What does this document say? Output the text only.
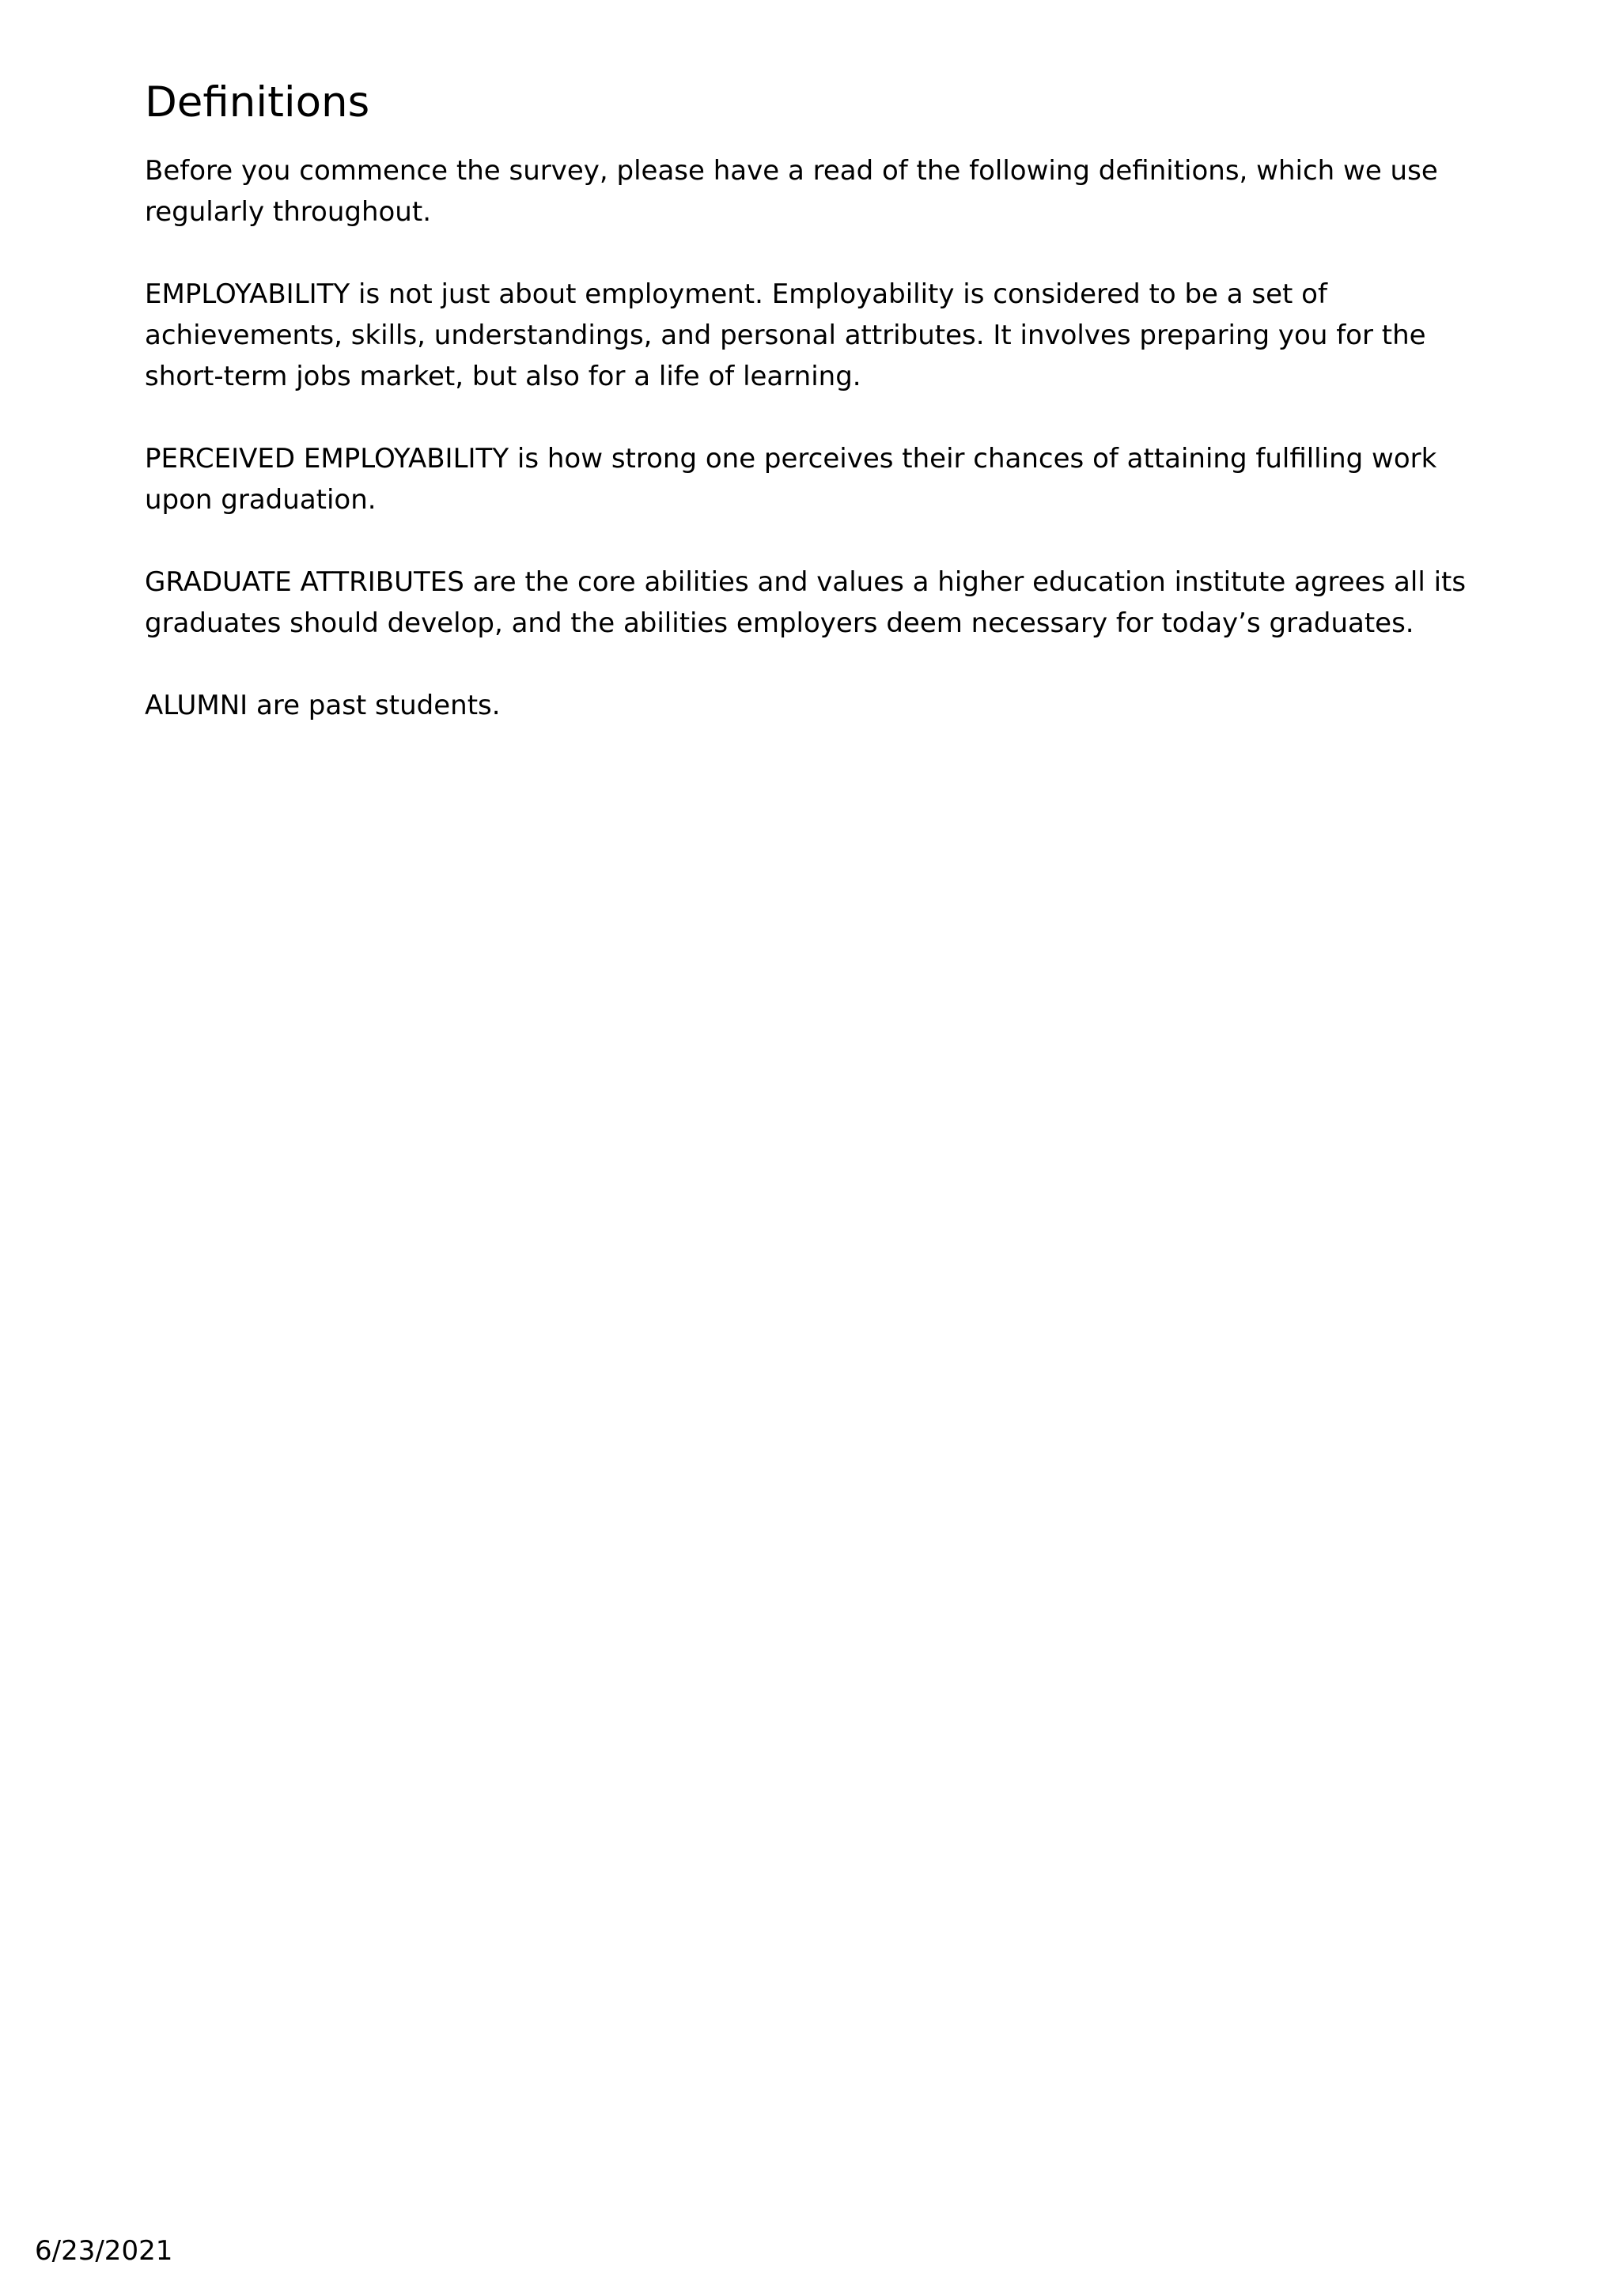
Definitions

Before you commence the survey, please have a read of the following definitions, which we use regularly throughout.

EMPLOYABILITY is not just about employment. Employability is considered to be a set of achievements, skills, understandings, and personal attributes. It involves preparing you for the short-term jobs market, but also for a life of learning.

PERCEIVED EMPLOYABILITY is how strong one perceives their chances of attaining fulfilling work upon graduation.

GRADUATE ATTRIBUTES are the core abilities and values a higher education institute agrees all its graduates should develop, and the abilities employers deem necessary for today’s graduates.

ALUMNI are past students.

6/23/2021
